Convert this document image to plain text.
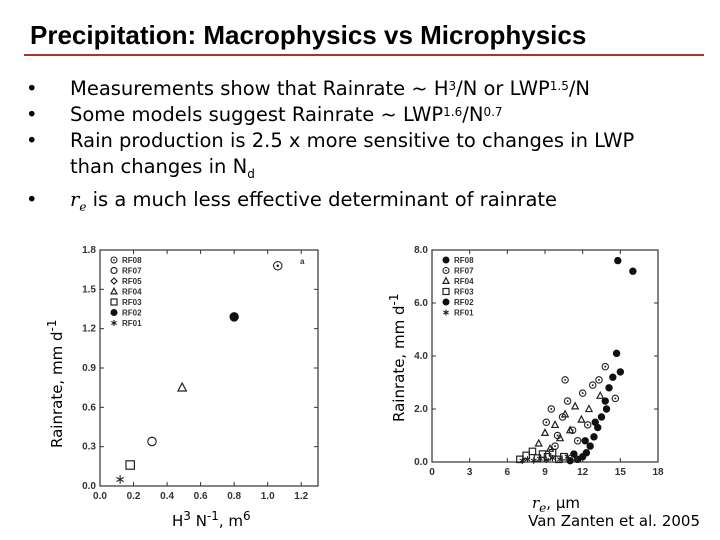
Precipitation: Macrophysics vs Microphysics
• Measurements show that Rainrate ~ $H^3/N$ or $LWP^{1.5}/N$
• Some models suggest Rainrate ~ $LWP^{1.6}/N^{0.7}$
• Rain production is 2.5 x more sensitive to changes in LWP
than changes in $N_d$
• $r_e$ is a much less effective determinant of rainrate
Rainrate, mm $d^{-1}$
0.0 0.2 0.4 0.6 0.8 1.0 1.2
0.0
0.3
0.6
0.9
1.2
1.5
1.8
RF08
RF07
RF05
RF04
RF03
RF02
RF01
a
$H^3$ $N^{-1}$, $m^6$
Rainrate, mm $d^{-1}$
0	3	6	9	12	15	18
0.0
2.0
4.0
6.0
8.0
RF08
RF07
RF04
RF03
RF02
RF01
$r_e$, μm
Van Zanten et al. 2005
